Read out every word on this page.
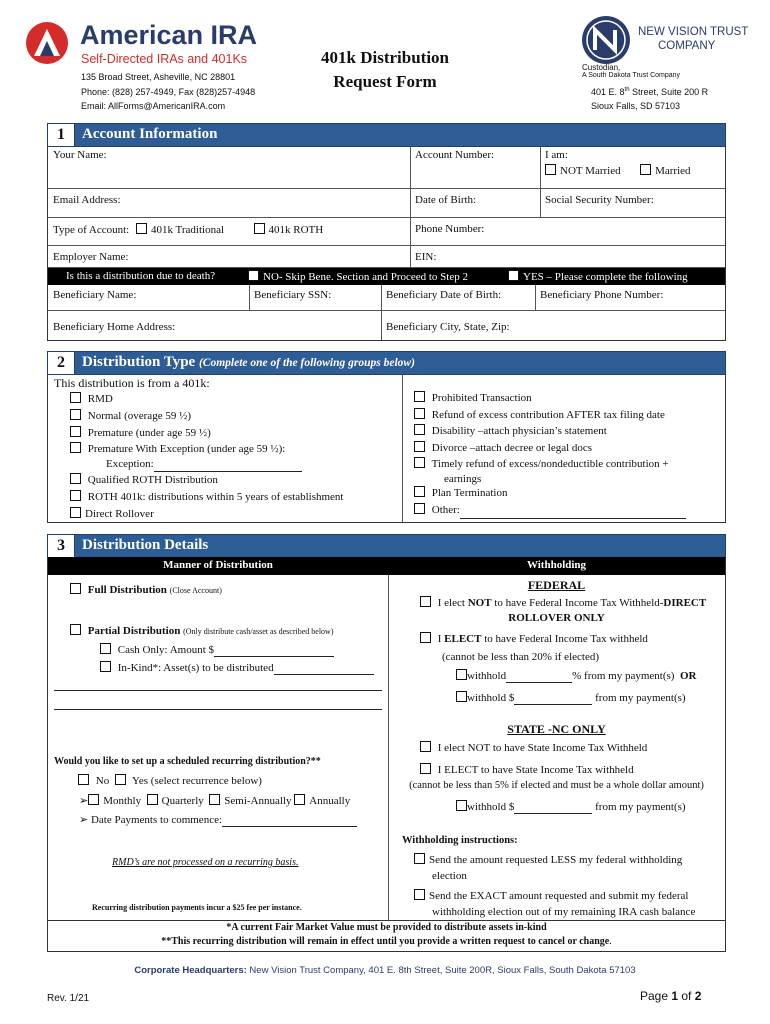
American IRA
Self-Directed IRAs and 401Ks
135 Broad Street, Asheville, NC 28801
Phone: (828) 257-4949, Fax (828)257-4948
Email: AllForms@AmericanIRA.com
401k Distribution
Request Form
NEW VISION TRUST
COMPANY
Custodian,
A South Dakota Trust Company
401 E. 8th Street, Suite 200 R
Sioux Falls, SD 57103
1	Account Information
Your Name:	Account Number:	I am:
NOT Married	Married
Email Address:	Date of Birth:	Social Security Number:
Type of Account: 401k Traditional	401k ROTH	Phone Number:
Employer Name:	EIN:
Is this a distribution due to death?	NO- Skip Bene. Section and Proceed to Step 2	YES – Please complete the following
Beneficiary Name:	Beneficiary SSN:	Beneficiary Date of Birth:	Beneficiary Phone Number:
Beneficiary Home Address:	Beneficiary City, State, Zip:
2	Distribution Type (Complete one of the following groups below)
This distribution is from a 401k:
RMD
Normal (overage 59 ½)
Premature (under age 59 ½)
Premature With Exception (under age 59 ½):
Exception:
Qualified ROTH Distribution
ROTH 401k: distributions within 5 years of establishment
Direct Rollover
Prohibited Transaction
Refund of excess contribution AFTER tax filing date
Disability –attach physician’s statement
Divorce –attach decree or legal docs
Timely refund of excess/nondeductible contribution +
earnings
Plan Termination
Other:
3	Distribution Details
Manner of Distribution	Withholding
Full Distribution (Close Account)
Partial Distribution (Only distribute cash/asset as described below)
Cash Only: Amount $
In-Kind*: Asset(s) to be distributed
Would you like to set up a scheduled recurring distribution?**
No Yes (select recurrence below)
➢ Monthly Quarterly Semi-Annually Annually
➢ Date Payments to commence:
RMD’s are not processed on a recurring basis.
Recurring distribution payments incur a $25 fee per instance.
FEDERAL
I elect NOT to have Federal Income Tax Withheld-DIRECT
ROLLOVER ONLY
I ELECT to have Federal Income Tax withheld
(cannot be less than 20% if elected)
withhold	% from my payment(s) OR
withhold $	from my payment(s)
STATE -NC ONLY
I elect NOT to have State Income Tax Withheld
I ELECT to have State Income Tax withheld
(cannot be less than 5% if elected and must be a whole dollar amount)
withhold $	from my payment(s)
Withholding instructions:
Send the amount requested LESS my federal withholding
election
Send the EXACT amount requested and submit my federal
withholding election out of my remaining IRA cash balance
*A current Fair Market Value must be provided to distribute assets in-kind
**This recurring distribution will remain in effect until you provide a written request to cancel or change.
Corporate Headquarters: New Vision Trust Company, 401 E. 8th Street, Suite 200R, Sioux Falls, South Dakota 57103
Rev. 1/21	Page 1 of 2
